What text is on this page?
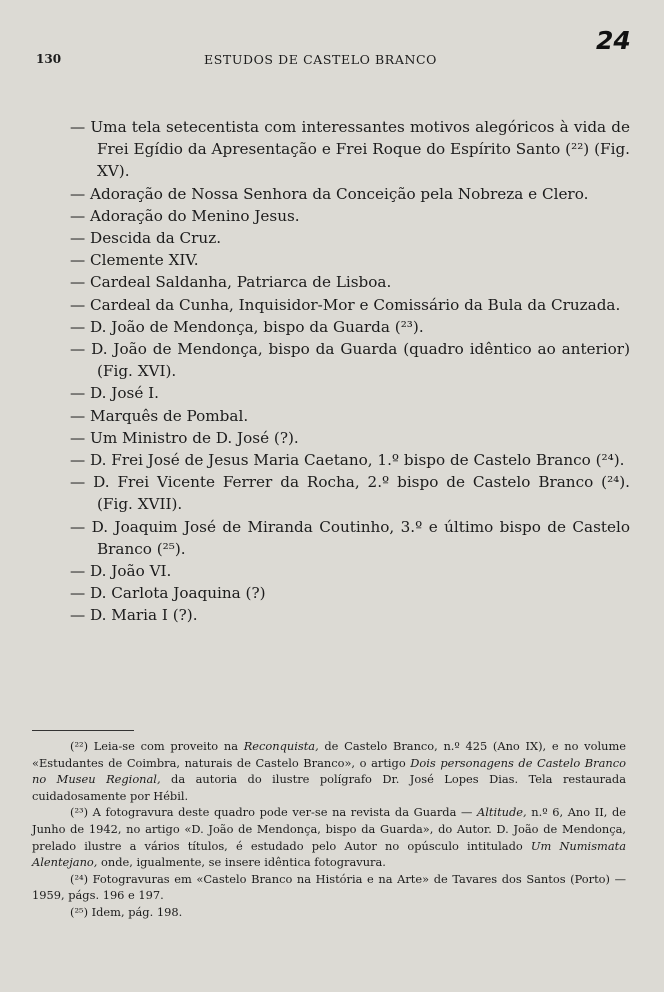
24
130	ESTUDOS DE CASTELO BRANCO
— Uma tela setecentista com interessantes motivos alegóricos à vida de Frei Egídio da Apresentação e Frei Roque do Espírito Santo (²²) (Fig. XV).
— Adoração de Nossa Senhora da Conceição pela Nobreza e Clero.
— Adoração do Menino Jesus.
— Descida da Cruz.
— Clemente XIV.
— Cardeal Saldanha, Patriarca de Lisboa.
— Cardeal da Cunha, Inquisidor-Mor e Comissário da Bula da Cruzada.
— D. João de Mendonça, bispo da Guarda (²³).
— D. João de Mendonça, bispo da Guarda (quadro idêntico ao anterior) (Fig. XVI).
— D. José I.
— Marquês de Pombal.
— Um Ministro de D. José (?).
— D. Frei José de Jesus Maria Caetano, 1.º bispo de Castelo Branco (²⁴).
— D. Frei Vicente Ferrer da Rocha, 2.º bispo de Castelo Branco (²⁴). (Fig. XVII).
— D. Joaquim José de Miranda Coutinho, 3.º e último bispo de Castelo Branco (²⁵).
— D. João VI.
— D. Carlota Joaquina (?)
— D. Maria I (?).
(²²) Leia-se com proveito na Reconquista, de Castelo Branco, n.º 425 (Ano IX), e no volume «Estudantes de Coimbra, naturais de Castelo Branco», o artigo Dois personagens de Castelo Branco no Museu Regional, da autoria do ilustre polígrafo Dr. José Lopes Dias. Tela restaurada cuidadosamente por Hébil.
(²³) A fotogravura deste quadro pode ver-se na revista da Guarda — Altitude, n.º 6, Ano II, de Junho de 1942, no artigo «D. João de Mendonça, bispo da Guarda», do Autor. D. João de Mendonça, prelado ilustre a vários títulos, é estudado pelo Autor no opúsculo intitulado Um Numismata Alentejano, onde, igualmente, se insere idêntica fotogravura.
(²⁴) Fotogravuras em «Castelo Branco na História e na Arte» de Tavares dos Santos (Porto) — 1959, págs. 196 e 197.
(²⁵) Idem, pág. 198.
